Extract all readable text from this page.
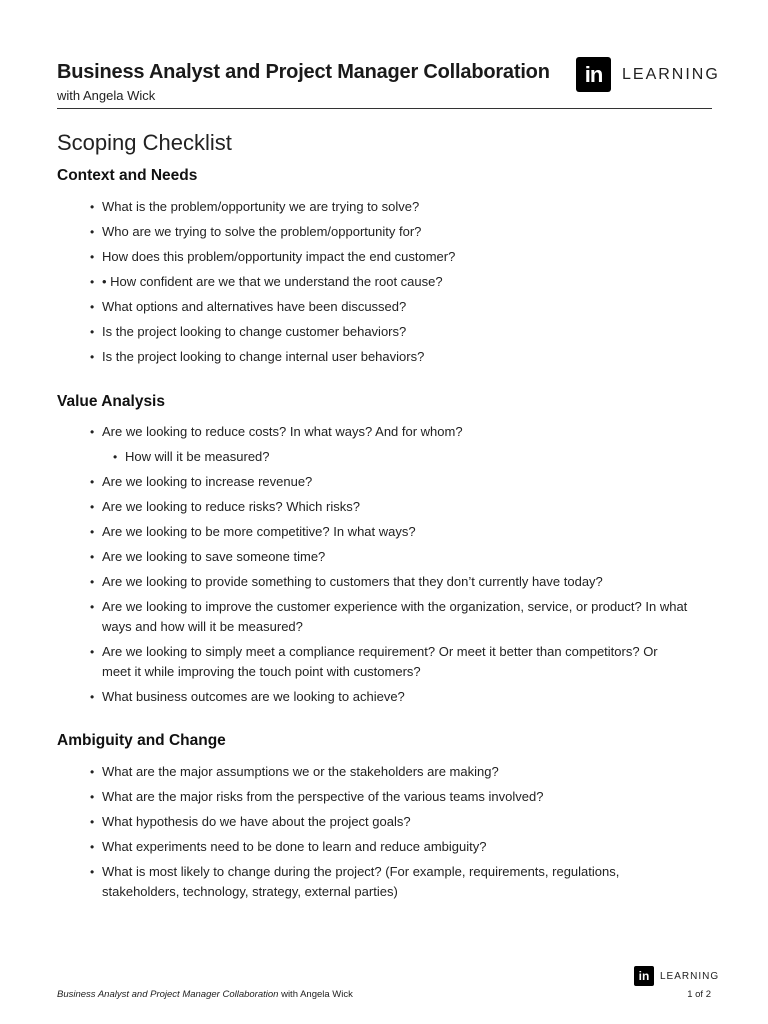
Business Analyst and Project Manager Collaboration
with Angela Wick
in	LEARNING
Scoping Checklist
Context and Needs
• What is the problem/opportunity we are trying to solve?
• Who are we trying to solve the problem/opportunity for?
• How does this problem/opportunity impact the end customer?
• • How confident are we that we understand the root cause?
• What options and alternatives have been discussed?
• Is the project looking to change customer behaviors?
• Is the project looking to change internal user behaviors?
Value Analysis
• Are we looking to reduce costs? In what ways? And for whom?
• How will it be measured?
• Are we looking to increase revenue?
• Are we looking to reduce risks? Which risks?
• Are we looking to be more competitive? In what ways?
• Are we looking to save someone time?
• Are we looking to provide something to customers that they don’t currently have today?
• Are we looking to improve the customer experience with the organization, service, or product? In what ways and how will it be measured?
• Are we looking to simply meet a compliance requirement? Or meet it better than competitors? Or meet it while improving the touch point with customers?
• What business outcomes are we looking to achieve?
Ambiguity and Change
• What are the major assumptions we or the stakeholders are making?
• What are the major risks from the perspective of the various teams involved?
• What hypothesis do we have about the project goals?
• What experiments need to be done to learn and reduce ambiguity?
• What is most likely to change during the project? (For example, requirements, regulations, stakeholders, technology, strategy, external parties)
in	LEARNING
Business Analyst and Project Manager Collaboration with Angela Wick	1 of 2
